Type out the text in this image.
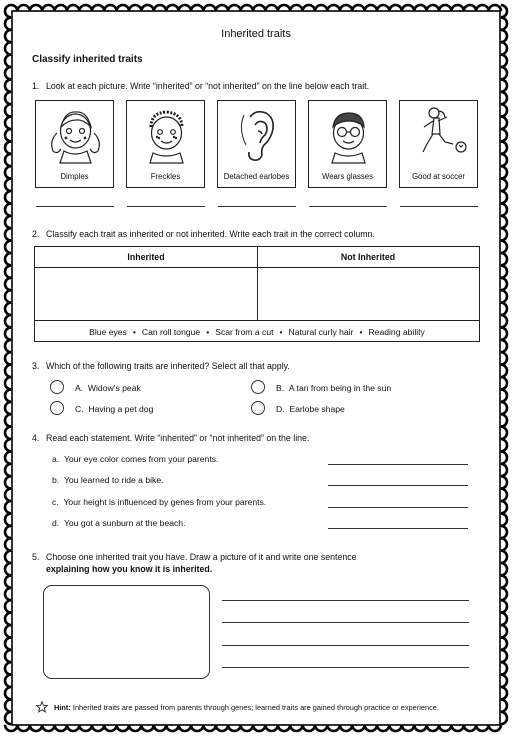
Inherited traits
Classify inherited traits
1. Look at each picture. Write “inherited” or “not inherited” on the line below each trait.
Dimples	Freckles	Detached earlobes	Wears glasses	Good at soccer
2. Classify each trait as inherited or not inherited. Write each trait in the correct column.
Inherited	Not Inherited
Blue eyes • Can roll tongue • Scar from a cut • Natural curly hair • Reading ability
3. Which of the following traits are inherited? Select all that apply.
A. Widow’s peak	B. A tan from being in the sun
C. Having a pet dog	D. Earlobe shape
4. Read each statement. Write “inherited” or “not inherited” on the line.
a. Your eye color comes from your parents.
b. You learned to ride a bike.
c. Your height is influenced by genes from your parents.
d. You got a sunburn at the beach.
5. Choose one inherited trait you have. Draw a picture of it and write one sentence
explaining how you know it is inherited.
Hint: Inherited traits are passed from parents through genes; learned traits are gained through practice or experience.
